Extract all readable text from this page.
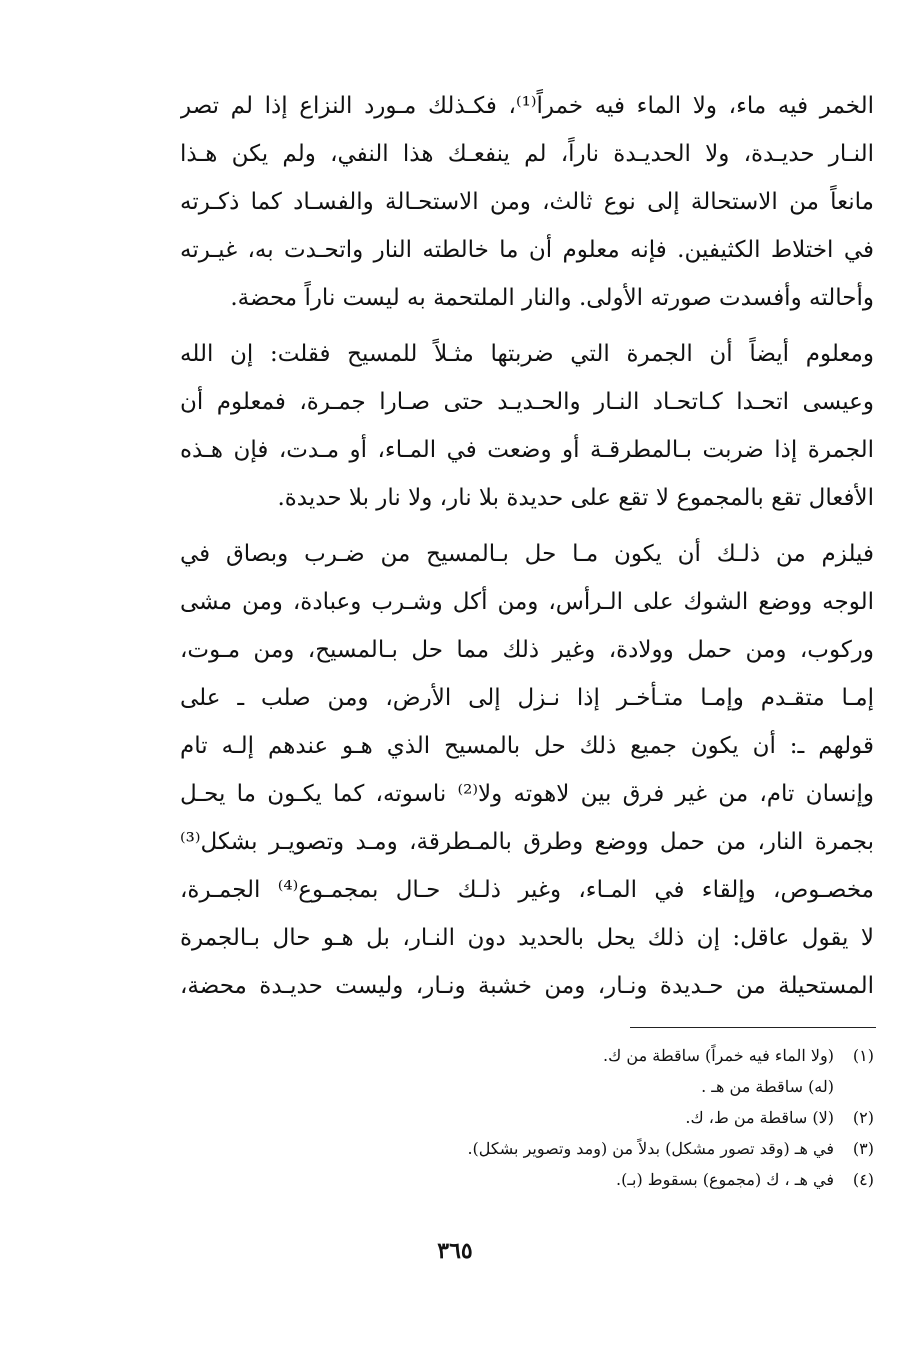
الخمر فيه ماء، ولا الماء فيه خمراً⁽¹⁾، فكـذلك مـورد النزاع إذا لم تصر
النـار حديـدة، ولا الحديـدة ناراً، لم ينفعـك هذا النفي، ولم يكن هـذا
مانعاً من الاستحالة إلى نوع ثالث، ومن الاستحـالة والفسـاد كما ذكـرته
في اختلاط الكثيفين. فإنه معلوم أن ما خالطته النار واتحـدت به، غيـرته
وأحالته وأفسدت صورته الأولى. والنار الملتحمة به ليست ناراً محضة.
ومعلوم أيضاً أن الجمرة التي ضربتها مثـلاً للمسيح فقلت: إن الله
وعيسى اتحـدا كـاتحـاد النـار والحـديـد حتى صـارا جمـرة، فمعلوم أن
الجمرة إذا ضربت بـالمطرقـة أو وضعت في المـاء، أو مـدت، فإن هـذه
الأفعال تقع بالمجموع لا تقع على حديدة بلا نار، ولا نار بلا حديدة.
فيلزم من ذلـك أن يكون مـا حل بـالمسيح من ضـرب وبصاق في
الوجه ووضع الشوك على الـرأس، ومن أكل وشـرب وعبادة، ومن مشى
وركوب، ومن حمل وولادة، وغير ذلك مما حل بـالمسيح، ومن مـوت،
إمـا متقـدم وإمـا متـأخـر إذا نـزل إلى الأرض، ومن صلب ـ على
قولهم ـ: أن يكون جميع ذلك حل بالمسيح الذي هـو عندهم إلـه تام
وإنسان تام، من غير فرق بين لاهوته ولا⁽²⁾ ناسوته، كما يكـون ما يحـل
بجمرة النار، من حمل ووضع وطرق بالمـطرقة، ومـد وتصويـر بشكل⁽³⁾
مخصـوص، وإلقاء في المـاء، وغير ذلـك حـال بمجمـوع⁽⁴⁾ الجمـرة،
لا يقول عاقل: إن ذلك يحل بالحديد دون النـار، بل هـو حال بـالجمرة
المستحيلة من حـديدة ونـار، ومن خشبة ونـار، وليست حديـدة محضة،
(١)
(ولا الماء فيه خمراً) ساقطة من ك.
(له) ساقطة من هـ .
(٢)
(لا) ساقطة من ط، ك.
(٣)
في هـ (وقد تصور مشكل) بدلاً من (ومد وتصوير بشكل).
(٤)
في هـ ، ك (مجموع) بسقوط (بـ).
٣٦٥
